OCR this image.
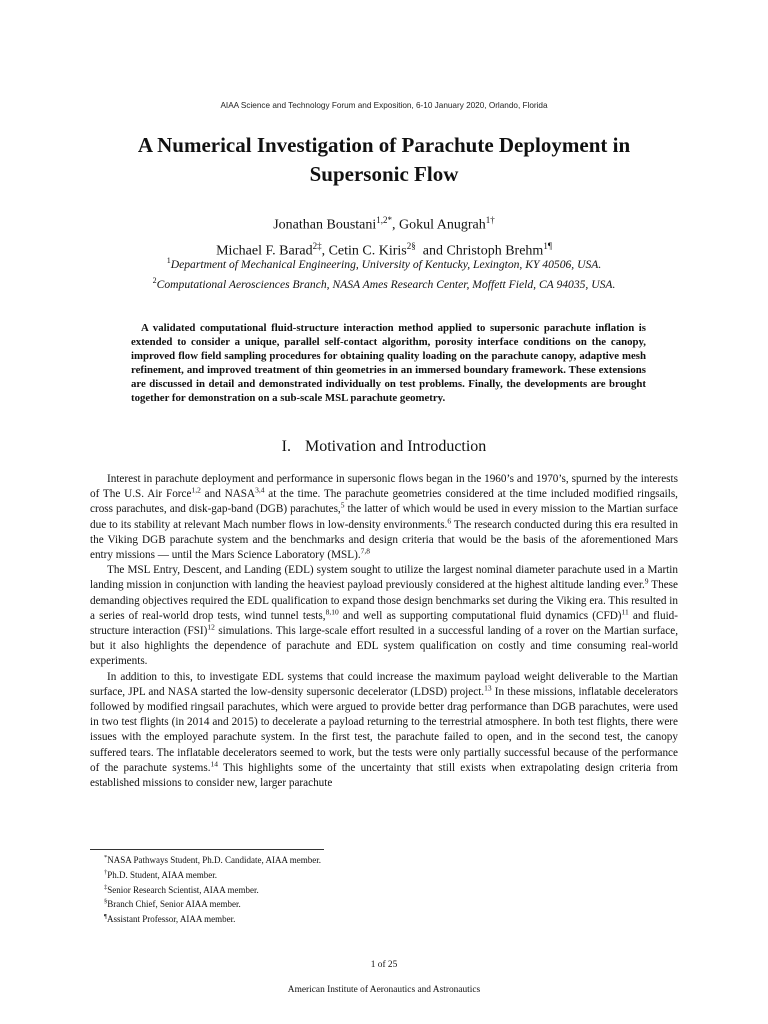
AIAA Science and Technology Forum and Exposition, 6-10 January 2020, Orlando, Florida
A Numerical Investigation of Parachute Deployment in
Supersonic Flow
Jonathan Boustani$^{1,2*}$, Gokul Anugrah$^{1\dagger}$
Michael F. Barad$^{2\ddagger}$, Cetin C. Kiris$^{2\S}$ and Christoph Brehm$^{1\P}$

$^1$Department of Mechanical Engineering, University of Kentucky, Lexington, KY 40506, USA.

$^2$Computational Aerosciences Branch, NASA Ames Research Center, Moffett Field, CA 94035, USA.

A validated computational fluid-structure interaction method applied to supersonic parachute inflation is extended to consider a unique, parallel self-contact algorithm, porosity interface conditions on the canopy, improved flow field sampling procedures for obtaining quality loading on the parachute canopy, adaptive mesh refinement, and improved treatment of thin geometries in an immersed boundary framework. These extensions are discussed in detail and demonstrated individually on test problems. Finally, the developments are brought together for demonstration on a sub-scale MSL parachute geometry.

I. Motivation and Introduction

Interest in parachute deployment and performance in supersonic flows began in the 1960’s and 1970’s, spurned by the interests of The U.S. Air Force$^{1,2}$ and NASA$^{3,4}$ at the time. The parachute geometries considered at the time included modified ringsails, cross parachutes, and disk-gap-band (DGB) parachutes,$^5$ the latter of which would be used in every mission to the Martian surface due to its stability at relevant Mach number flows in low-density environments.$^6$ The research conducted during this era resulted in the Viking DGB parachute system and the benchmarks and design criteria that would be the basis of the aforementioned Mars entry missions — until the Mars Science Laboratory (MSL).$^{7,8}$

The MSL Entry, Descent, and Landing (EDL) system sought to utilize the largest nominal diameter parachute used in a Martin landing mission in conjunction with landing the heaviest payload previously considered at the highest altitude landing ever.$^9$ These demanding objectives required the EDL qualification to expand those design benchmarks set during the Viking era. This resulted in a series of real-world drop tests, wind tunnel tests,$^{8,10}$ and well as supporting computational fluid dynamics (CFD)$^{11}$ and fluid-structure interaction (FSI)$^{12}$ simulations. This large-scale effort resulted in a successful landing of a rover on the Martian surface, but it also highlights the dependence of parachute and EDL system qualification on costly and time consuming real-world experiments.

In addition to this, to investigate EDL systems that could increase the maximum payload weight deliverable to the Martian surface, JPL and NASA started the low-density supersonic decelerator (LDSD) project.$^{13}$ In these missions, inflatable decelerators followed by modified ringsail parachutes, which were argued to provide better drag performance than DGB parachutes, were used in two test flights (in 2014 and 2015) to decelerate a payload returning to the terrestrial atmosphere. In both test flights, there were issues with the employed parachute system. In the first test, the parachute failed to open, and in the second test, the canopy suffered tears. The inflatable decelerators seemed to work, but the tests were only partially successful because of the performance of the parachute systems.$^{14}$ This highlights some of the uncertainty that still exists when extrapolating design criteria from established missions to consider new, larger parachute

*NASA Pathways Student, Ph.D. Candidate, AIAA member.
†Ph.D. Student, AIAA member.
‡Senior Research Scientist, AIAA member.
§Branch Chief, Senior AIAA member.
¶Assistant Professor, AIAA member.
1 of 25
American Institute of Aeronautics and Astronautics
